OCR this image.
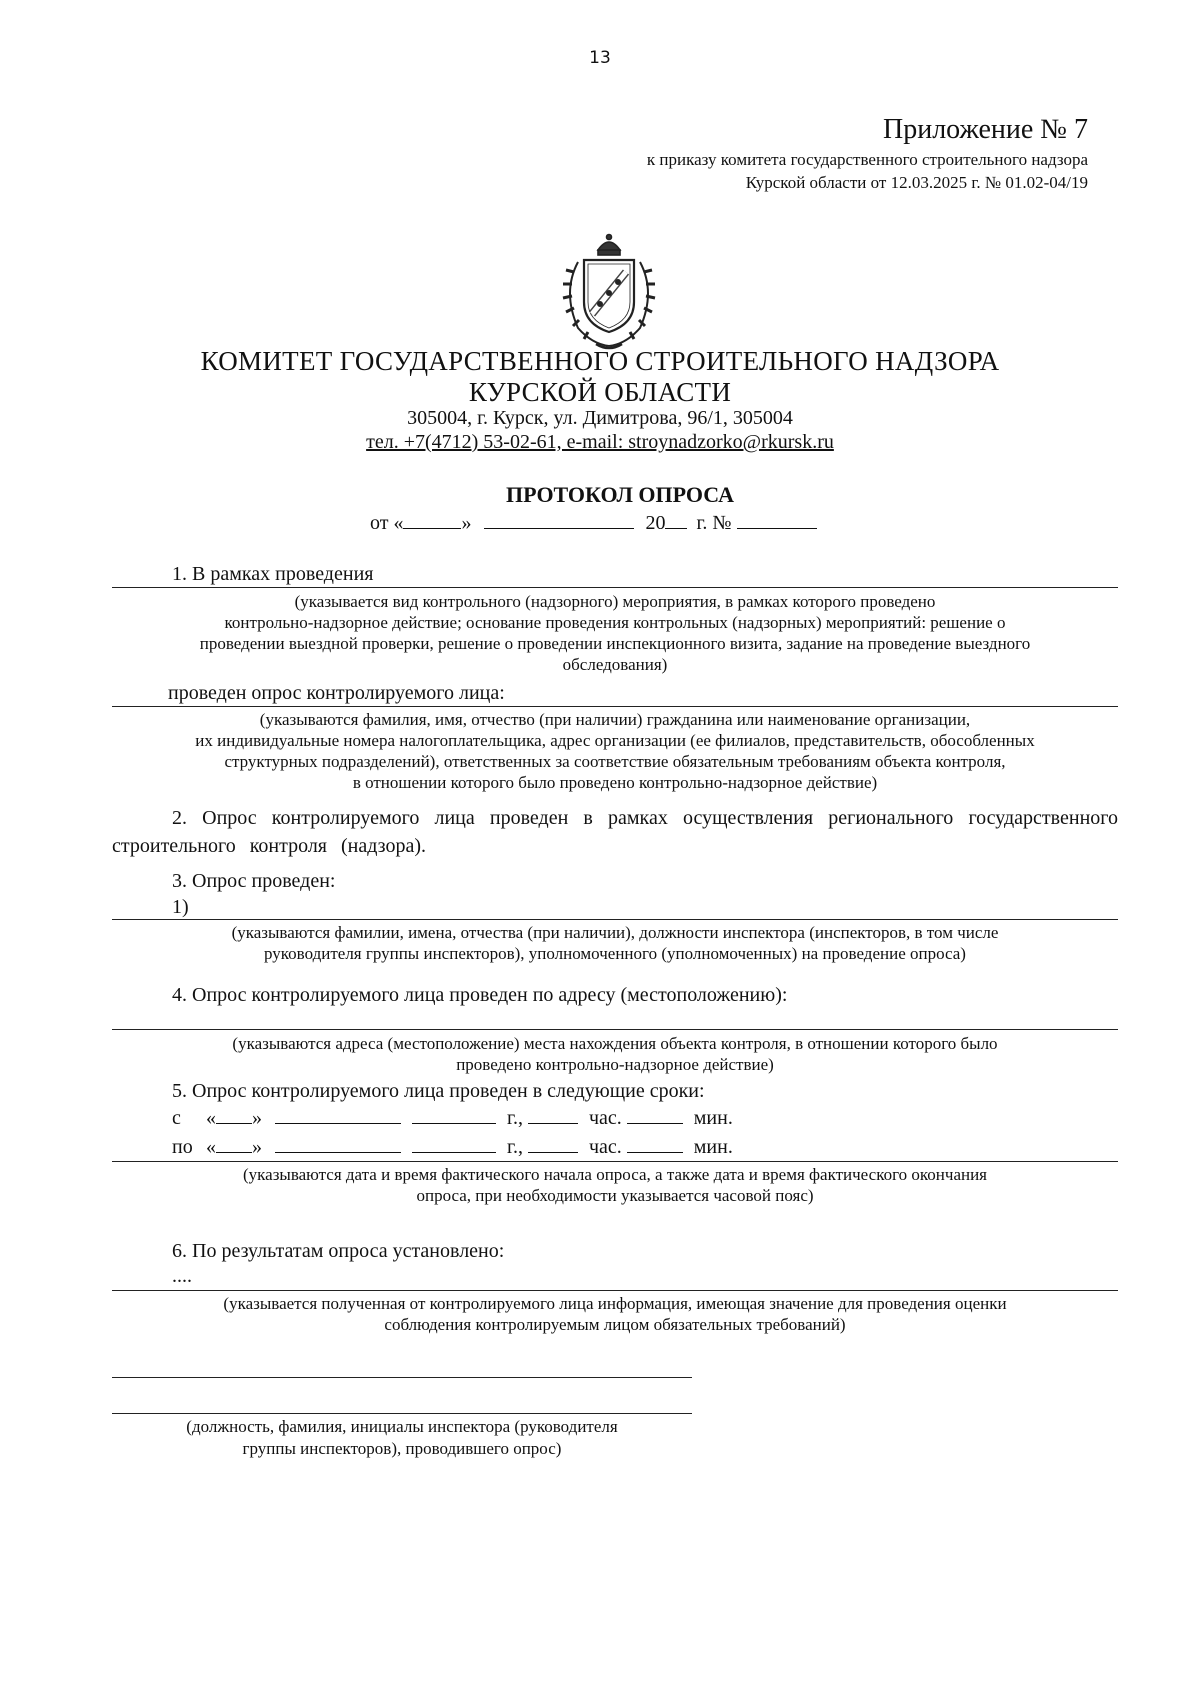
13
Приложение № 7
к приказу комитета государственного строительного надзора
Курской области от 12.03.2025 г. № 01.02-04/19
КОМИТЕТ ГОСУДАРСТВЕННОГО СТРОИТЕЛЬНОГО НАДЗОРА
КУРСКОЙ ОБЛАСТИ
305004, г. Курск, ул. Димитрова, 96/1, 305004
тел. +7(4712) 53-02-61, e-mail: stroynadzorko@rkursk.ru
ПРОТОКОЛ ОПРОСА
от «	»	20 г. №
1. В рамках проведения
(указывается вид контрольного (надзорного) мероприятия, в рамках которого проведено
контрольно-надзорное действие; основание проведения контрольных (надзорных) мероприятий: решение о
проведении выездной проверки, решение о проведении инспекционного визита, задание на проведение выездного
обследования)
проведен опрос контролируемого лица:
(указываются фамилия, имя, отчество (при наличии) гражданина или наименование организации,
их индивидуальные номера налогоплательщика, адрес организации (ее филиалов, представительств, обособленных
структурных подразделений), ответственных за соответствие обязательным требованиям объекта контроля,
в отношении которого было проведено контрольно-надзорное действие)
2. Опрос контролируемого лица проведен в рамках осуществления регионального государственного строительного контроля (надзора).
3. Опрос проведен:
1)
(указываются фамилии, имена, отчества (при наличии), должности инспектора (инспекторов, в том числе
руководителя группы инспекторов), уполномоченного (уполномоченных) на проведение опроса)
4. Опрос контролируемого лица проведен по адресу (местоположению):
(указываются адреса (местоположение) места нахождения объекта контроля, в отношении которого было
проведено контрольно-надзорное действие)
5. Опрос контролируемого лица проведен в следующие сроки:
с « »	г.,	час.	мин.
по « »	г.,	час.	мин.
(указываются дата и время фактического начала опроса, а также дата и время фактического окончания
опроса, при необходимости указывается часовой пояс)
6. По результатам опроса установлено:
....
(указывается полученная от контролируемого лица информация, имеющая значение для проведения оценки
соблюдения контролируемым лицом обязательных требований)
(должность, фамилия, инициалы инспектора (руководителя
группы инспекторов), проводившего опрос)
